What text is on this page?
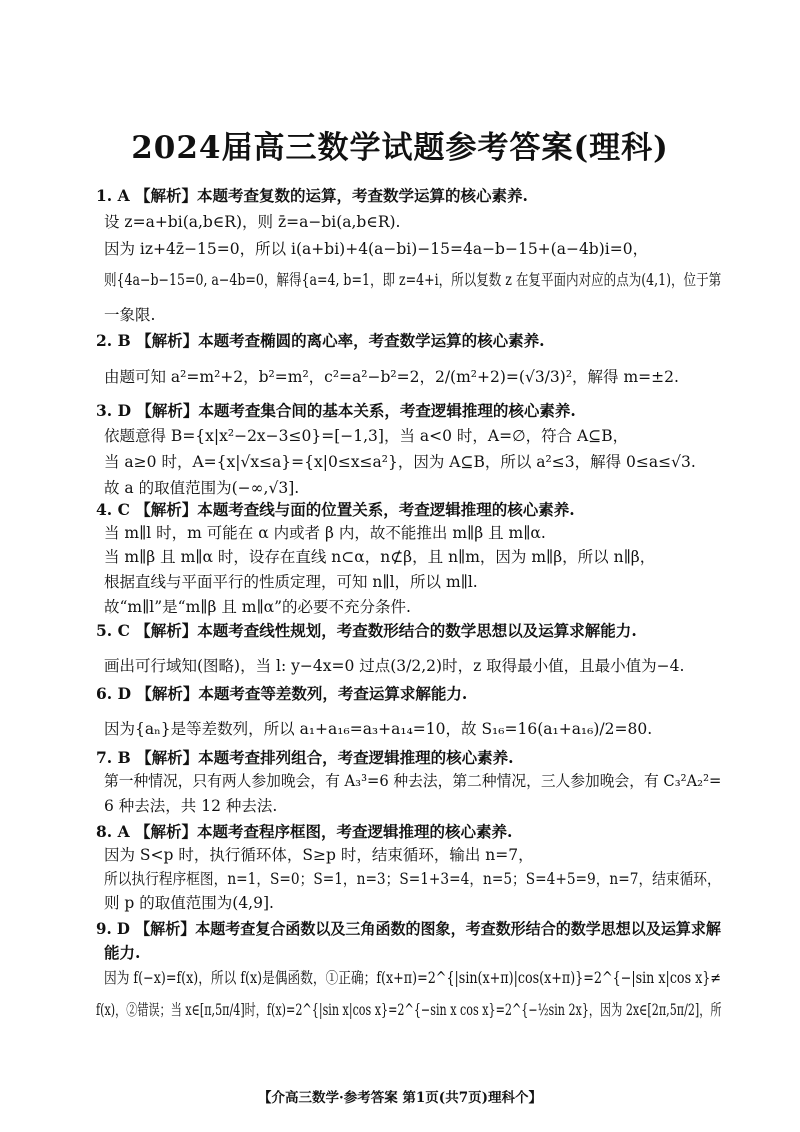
2024届高三数学试题参考答案(理科)
1. A 【解析】本题考查复数的运算，考查数学运算的核心素养.
设 z=a+bi(a,b∈R)，则 z̄=a−bi(a,b∈R).
因为 iz+4z̄−15=0，所以 i(a+bi)+4(a−bi)−15=4a−b−15+(a−4b)i=0，
则{4a−b−15=0, a−4b=0，解得{a=4, b=1，即 z=4+i，所以复数 z 在复平面内对应的点为(4,1)，位于第
一象限.
2. B 【解析】本题考查椭圆的离心率，考查数学运算的核心素养.
由题可知 a²=m²+2，b²=m²，c²=a²−b²=2，2/(m²+2)=(√3/3)²，解得 m=±2.
3. D 【解析】本题考查集合间的基本关系，考查逻辑推理的核心素养.
依题意得 B={x|x²−2x−3≤0}=[−1,3]，当 a<0 时，A=∅，符合 A⊆B，
当 a≥0 时，A={x|√x≤a}={x|0≤x≤a²}，因为 A⊆B，所以 a²≤3，解得 0≤a≤√3.
故 a 的取值范围为(−∞,√3].
4. C 【解析】本题考查线与面的位置关系，考查逻辑推理的核心素养.
当 m∥l 时，m 可能在 α 内或者 β 内，故不能推出 m∥β 且 m∥α.
当 m∥β 且 m∥α 时，设存在直线 n⊂α，n⊄β，且 n∥m，因为 m∥β，所以 n∥β，
根据直线与平面平行的性质定理，可知 n∥l，所以 m∥l.
故“m∥l”是“m∥β 且 m∥α”的必要不充分条件.
5. C 【解析】本题考查线性规划，考查数形结合的数学思想以及运算求解能力.
画出可行域知(图略)，当 l: y−4x=0 过点(3/2,2)时，z 取得最小值，且最小值为−4.
6. D 【解析】本题考查等差数列，考查运算求解能力.
因为{aₙ}是等差数列，所以 a₁+a₁₆=a₃+a₁₄=10，故 S₁₆=16(a₁+a₁₆)/2=80.
7. B 【解析】本题考查排列组合，考查逻辑推理的核心素养.
第一种情况，只有两人参加晚会，有 A₃³=6 种去法，第二种情况，三人参加晚会，有 C₃²A₂²=
6 种去法，共 12 种去法.
8. A 【解析】本题考查程序框图，考查逻辑推理的核心素养.
因为 S<p 时，执行循环体，S≥p 时，结束循环，输出 n=7，
所以执行程序框图，n=1，S=0；S=1，n=3；S=1+3=4，n=5；S=4+5=9，n=7，结束循环，
则 p 的取值范围为(4,9].
9. D 【解析】本题考查复合函数以及三角函数的图象，考查数形结合的数学思想以及运算求解
能力.
因为 f(−x)=f(x)，所以 f(x)是偶函数，①正确；f(x+π)=2^{|sin(x+π)|cos(x+π)}=2^{−|sin x|cos x}≠
f(x)，②错误；当 x∈[π,5π/4]时，f(x)=2^{|sin x|cos x}=2^{−sin x cos x}=2^{−½sin 2x}，因为 2x∈[2π,5π/2]，所
【介高三数学·参考答案 第1页(共7页)理科个】
